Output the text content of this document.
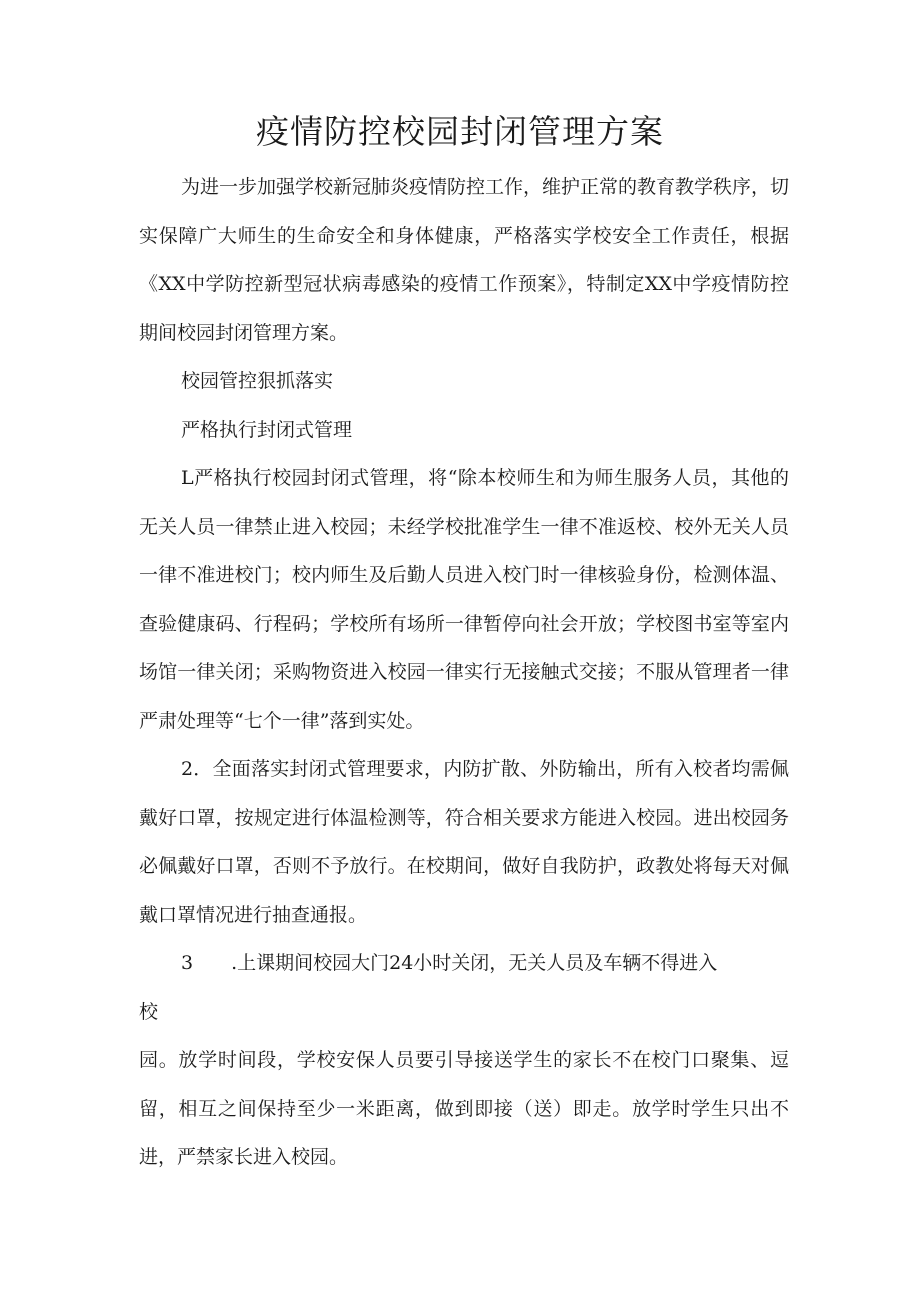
疫情防控校园封闭管理方案

为进一步加强学校新冠肺炎疫情防控工作，维护正常的教育教学秩序，切实保障广大师生的生命安全和身体健康，严格落实学校安全工作责任，根据《XX中学防控新型冠状病毒感染的疫情工作预案》，特制定XX中学疫情防控期间校园封闭管理方案。

校园管控狠抓落实

严格执行封闭式管理

L严格执行校园封闭式管理，将“除本校师生和为师生服务人员，其他的无关人员一律禁止进入校园；未经学校批准学生一律不准返校、校外无关人员一律不准进校门；校内师生及后勤人员进入校门时一律核验身份，检测体温、查验健康码、行程码；学校所有场所一律暂停向社会开放；学校图书室等室内场馆一律关闭；采购物资进入校园一律实行无接触式交接；不服从管理者一律严肃处理等“七个一律”落到实处。

2．全面落实封闭式管理要求，内防扩散、外防输出，所有入校者均需佩戴好口罩，按规定进行体温检测等，符合相关要求方能进入校园。进出校园务必佩戴好口罩，否则不予放行。在校期间，做好自我防护，政教处将每天对佩戴口罩情况进行抽查通报。

3　　.上课期间校园大门24小时关闭，无关人员及车辆不得进入

校

园。放学时间段，学校安保人员要引导接送学生的家长不在校门口聚集、逗留，相互之间保持至少一米距离，做到即接（送）即走。放学时学生只出不进，严禁家长进入校园。
